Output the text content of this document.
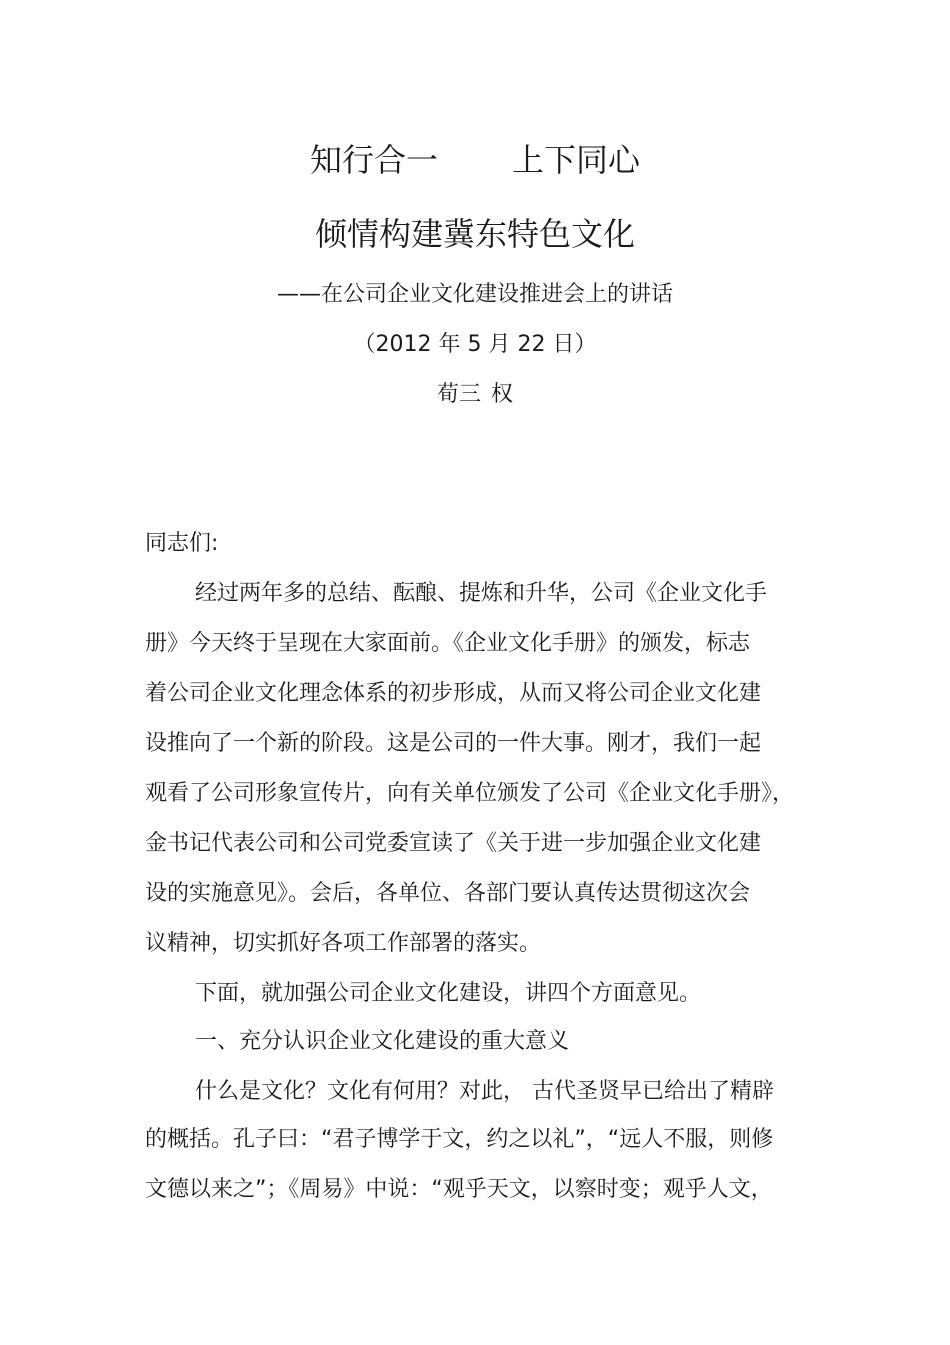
知行合一 上下同心
倾情构建冀东特色文化
——在公司企业文化建设推进会上的讲话
（2012 年 5 月 22 日）
荀三 权
同志们:
经过两年多的总结、酝酿、提炼和升华，公司《企业文化手
册》今天终于呈现在大家面前。《企业文化手册》的颁发，标志
着公司企业文化理念体系的初步形成，从而又将公司企业文化建
设推向了一个新的阶段。这是公司的一件大事。刚才，我们一起
观看了公司形象宣传片，向有关单位颁发了公司《企业文化手册》，
金书记代表公司和公司党委宣读了《关于进一步加强企业文化建
设的实施意见》。会后，各单位、各部门要认真传达贯彻这次会
议精神，切实抓好各项工作部署的落实。
下面，就加强公司企业文化建设，讲四个方面意见。
一、充分认识企业文化建设的重大意义
什么是文化？文化有何用？对此， 古代圣贤早已给出了精辟
的概括。孔子曰：“君子博学于文，约之以礼”，“远人不服，则修
文德以来之”；《周易》中说：“观乎天文，以察时变；观乎人文，
